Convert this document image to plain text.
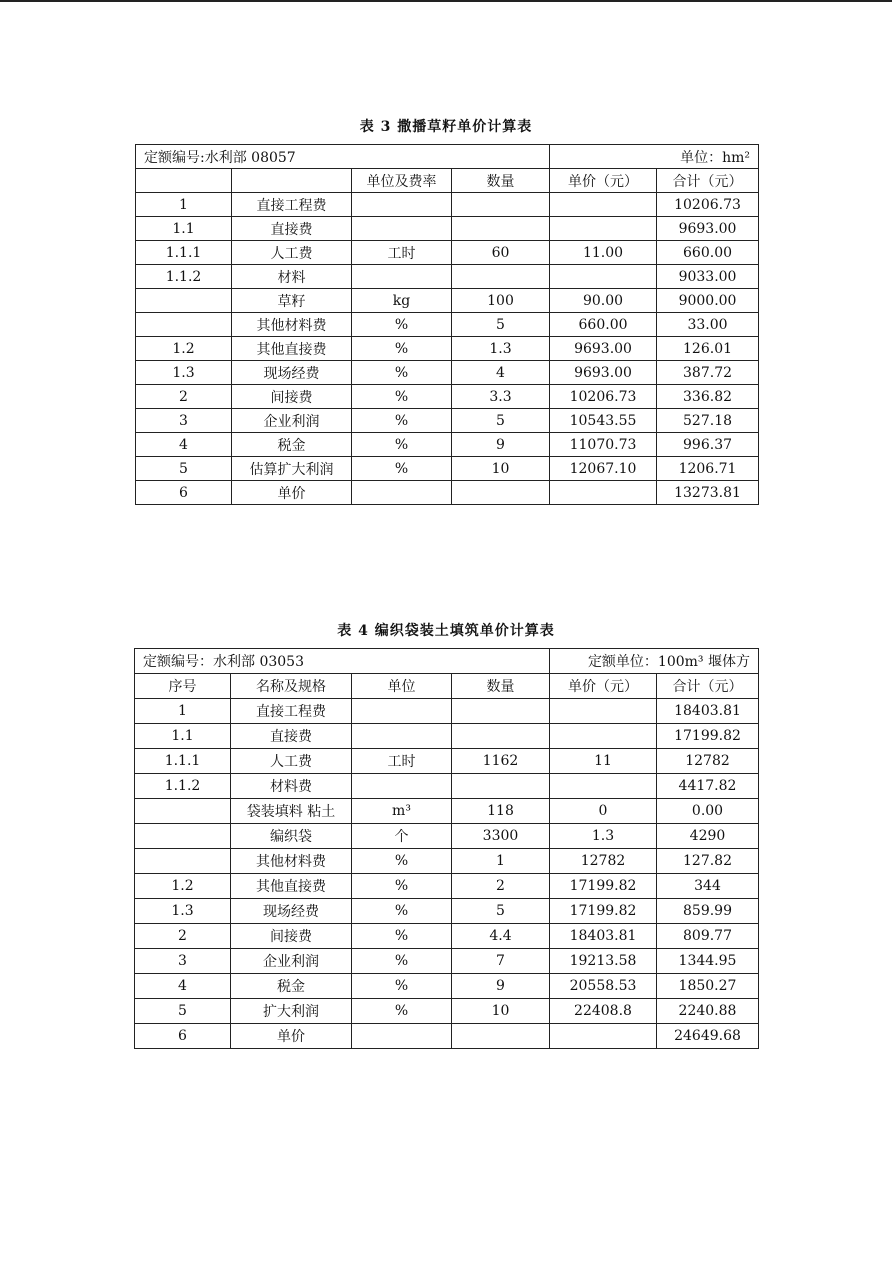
表 3 撒播草籽单价计算表
定额编号:水利部 08057				单位：hm²	
		单位及费率	数量	单价（元）	合计（元）
1	直接工程费				10206.73
1.1	直接费				9693.00
1.1.1	人工费	工时	60	11.00	660.00
1.1.2	材料				9033.00
	草籽	kg	100	90.00	9000.00
	其他材料费	%	5	660.00	33.00
1.2	其他直接费	%	1.3	9693.00	126.01
1.3	现场经费	%	4	9693.00	387.72
2	间接费	%	3.3	10206.73	336.82
3	企业利润	%	5	10543.55	527.18
4	税金	%	9	11070.73	996.37
5	估算扩大利润	%	10	12067.10	1206.71
6	单价				13273.81
表 4 编织袋装土填筑单价计算表
定额编号：水利部 03053				定额单位：100m³ 堰体方	
序号	名称及规格	单位	数量	单价（元）	合计（元）
1	直接工程费				18403.81
1.1	直接费				17199.82
1.1.1	人工费	工时	1162	11	12782
1.1.2	材料费				4417.82
	袋装填料 粘土	m³	118	0	0.00
	编织袋	个	3300	1.3	4290
	其他材料费	%	1	12782	127.82
1.2	其他直接费	%	2	17199.82	344
1.3	现场经费	%	5	17199.82	859.99
2	间接费	%	4.4	18403.81	809.77
3	企业利润	%	7	19213.58	1344.95
4	税金	%	9	20558.53	1850.27
5	扩大利润	%	10	22408.8	2240.88
6	单价				24649.68
